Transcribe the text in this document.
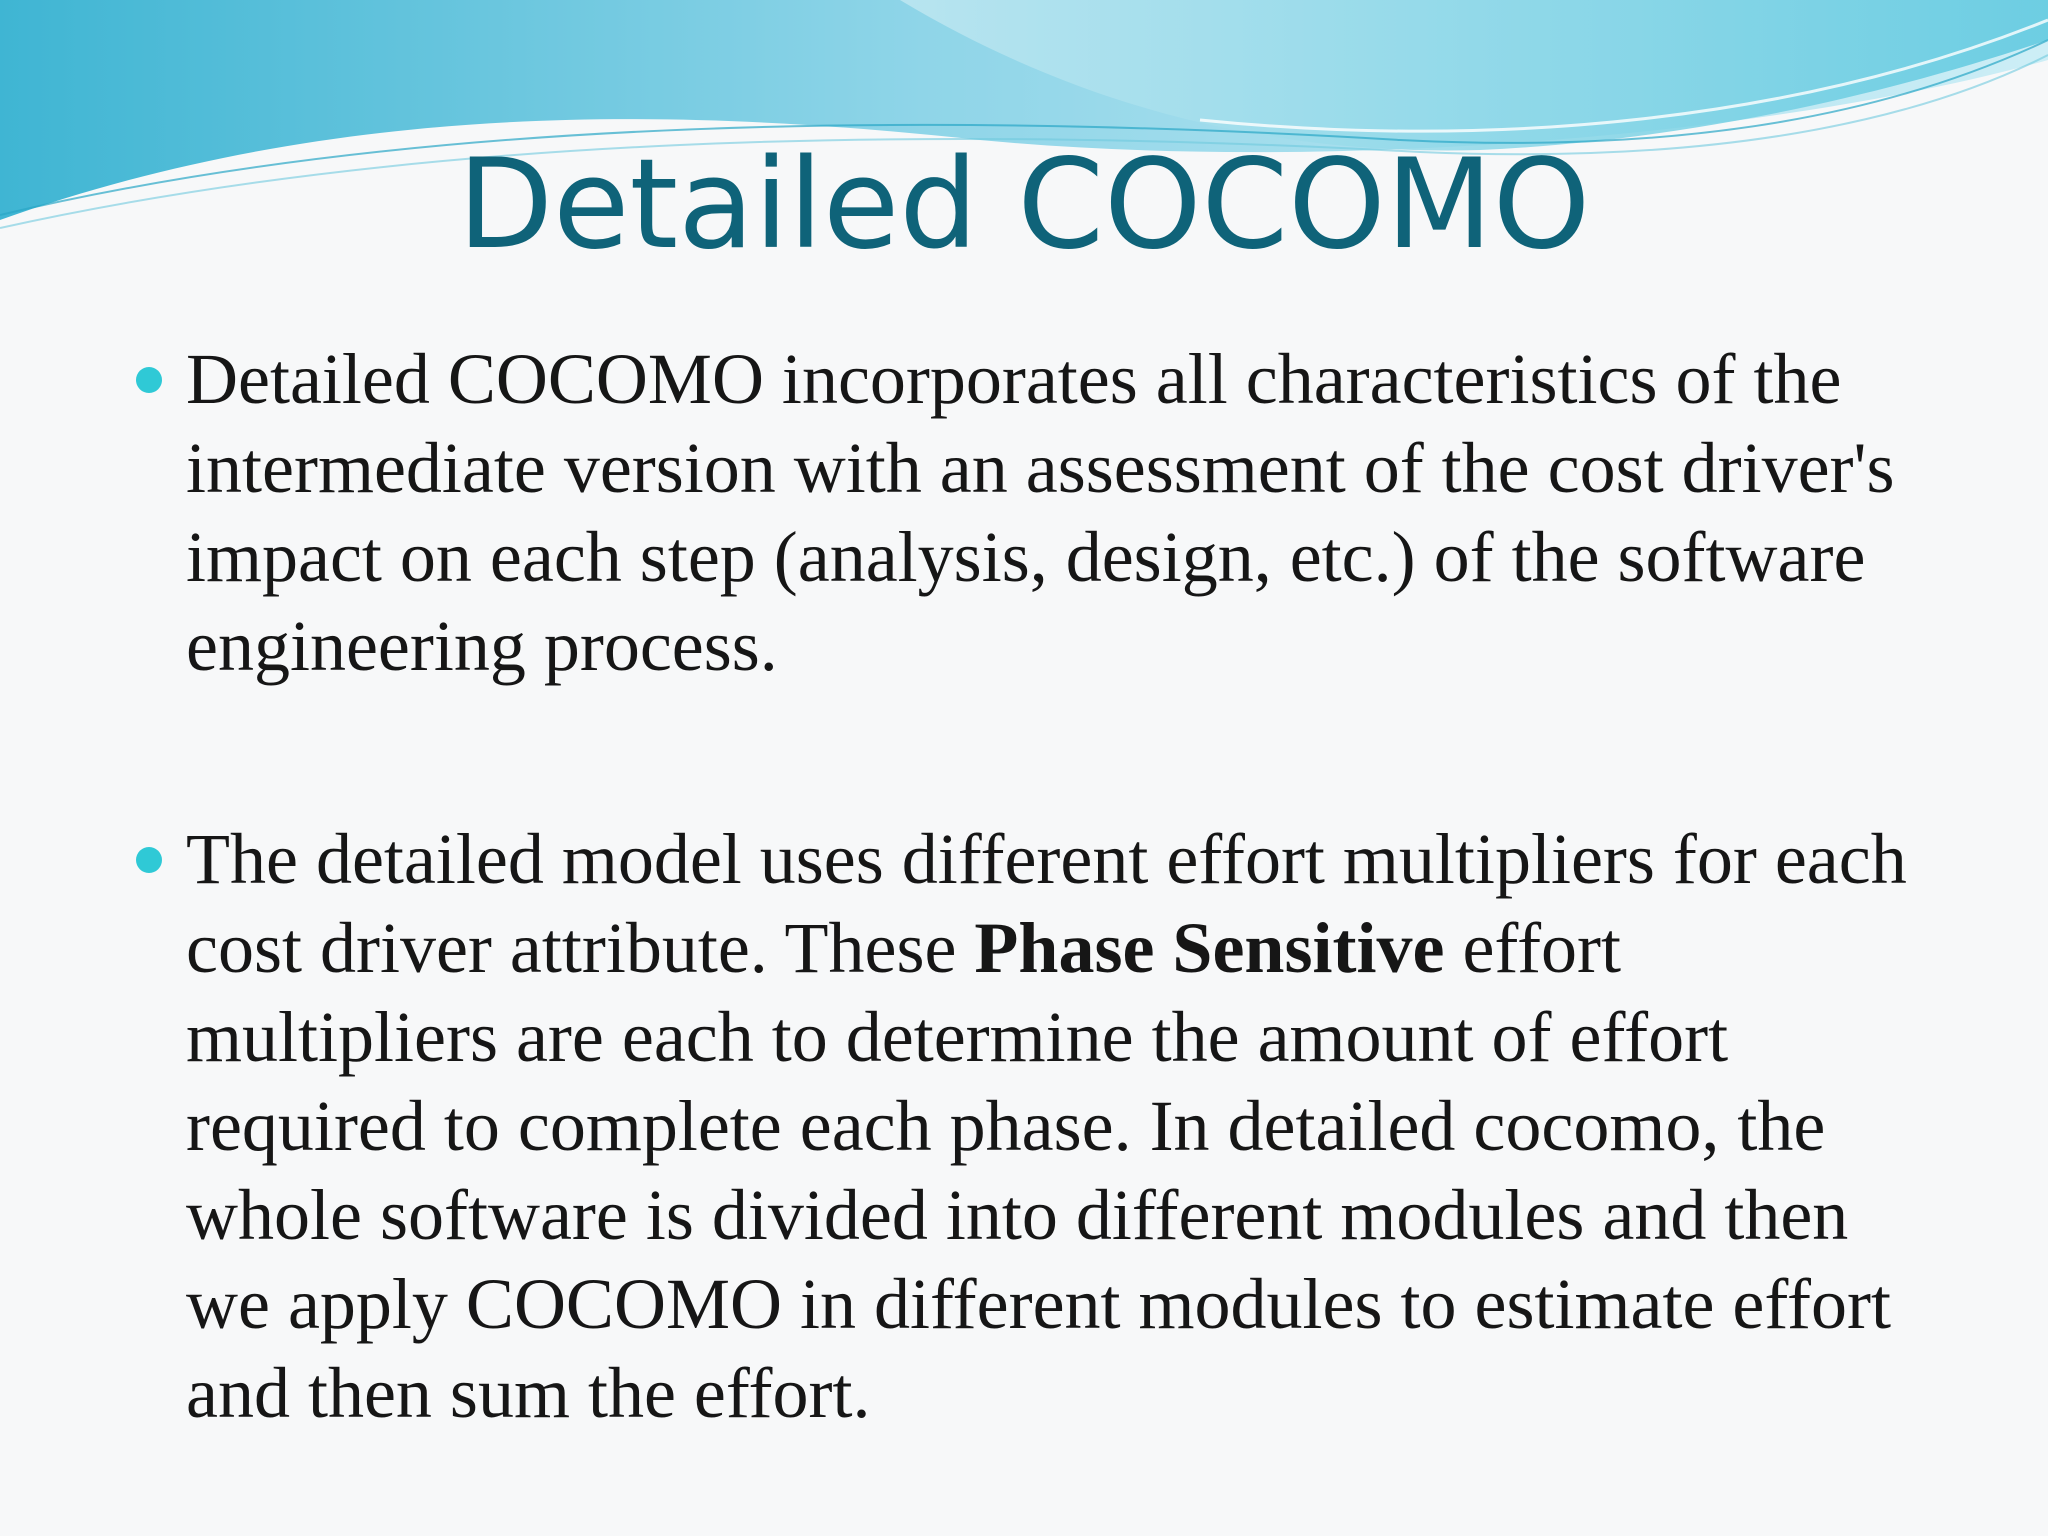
Detailed COCOMO
Detailed COCOMO incorporates all characteristics of the intermediate version with an assessment of the cost driver's impact on each step (analysis, design, etc.) of the software engineering process.
The detailed model uses different effort multipliers for each cost driver attribute. These Phase Sensitive effort multipliers are each to determine the amount of effort required to complete each phase. In detailed cocomo, the whole software is divided into different modules and then we apply COCOMO in different modules to estimate effort and then sum the effort.
